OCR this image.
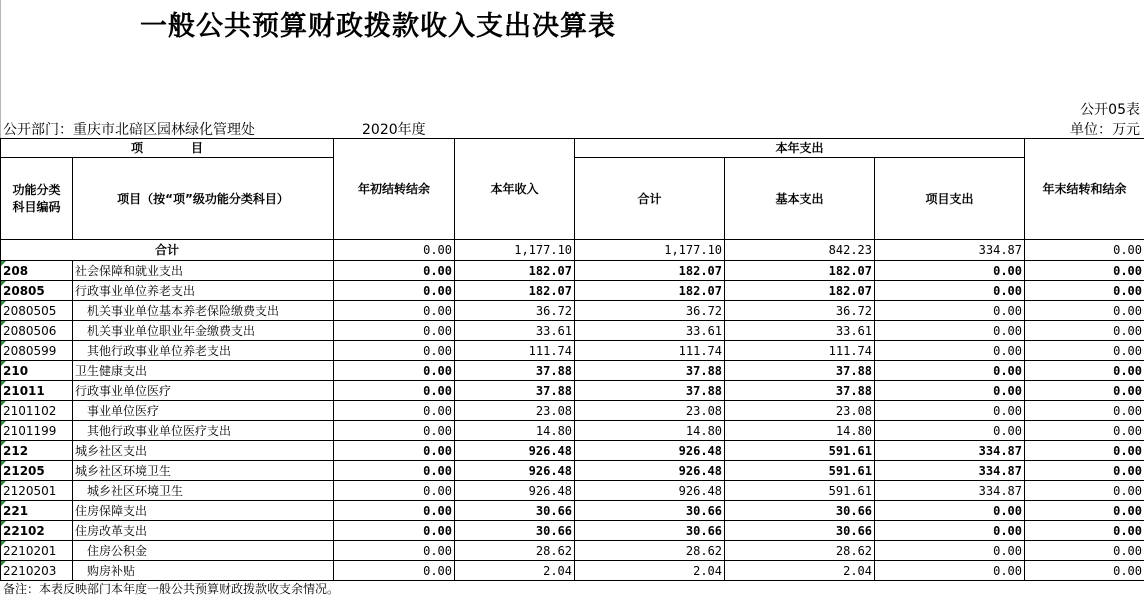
一般公共预算财政拨款收入支出决算表
公开部门：重庆市北碚区园林绿化管理处	2020年度
公开05表
单位：万元
项　　　　目		年初结转结余	本年收入	本年支出			年末结转和结余
功能分类
科目编码	项目（按“项”级功能分类科目）			合计	基本支出	项目支出	
合计		0.00	1,177.10	1,177.10	842.23	334.87	0.00
208	社会保障和就业支出	0.00	182.07	182.07	182.07	0.00	0.00
20805	行政事业单位养老支出	0.00	182.07	182.07	182.07	0.00	0.00
2080505	机关事业单位基本养老保险缴费支出	0.00	36.72	36.72	36.72	0.00	0.00
2080506	机关事业单位职业年金缴费支出	0.00	33.61	33.61	33.61	0.00	0.00
2080599	其他行政事业单位养老支出	0.00	111.74	111.74	111.74	0.00	0.00
210	卫生健康支出	0.00	37.88	37.88	37.88	0.00	0.00
21011	行政事业单位医疗	0.00	37.88	37.88	37.88	0.00	0.00
2101102	事业单位医疗	0.00	23.08	23.08	23.08	0.00	0.00
2101199	其他行政事业单位医疗支出	0.00	14.80	14.80	14.80	0.00	0.00
212	城乡社区支出	0.00	926.48	926.48	591.61	334.87	0.00
21205	城乡社区环境卫生	0.00	926.48	926.48	591.61	334.87	0.00
2120501	城乡社区环境卫生	0.00	926.48	926.48	591.61	334.87	0.00
221	住房保障支出	0.00	30.66	30.66	30.66	0.00	0.00
22102	住房改革支出	0.00	30.66	30.66	30.66	0.00	0.00
2210201	住房公积金	0.00	28.62	28.62	28.62	0.00	0.00
2210203	购房补贴	0.00	2.04	2.04	2.04	0.00	0.00
备注：本表反映部门本年度一般公共预算财政拨款收支余情况。
